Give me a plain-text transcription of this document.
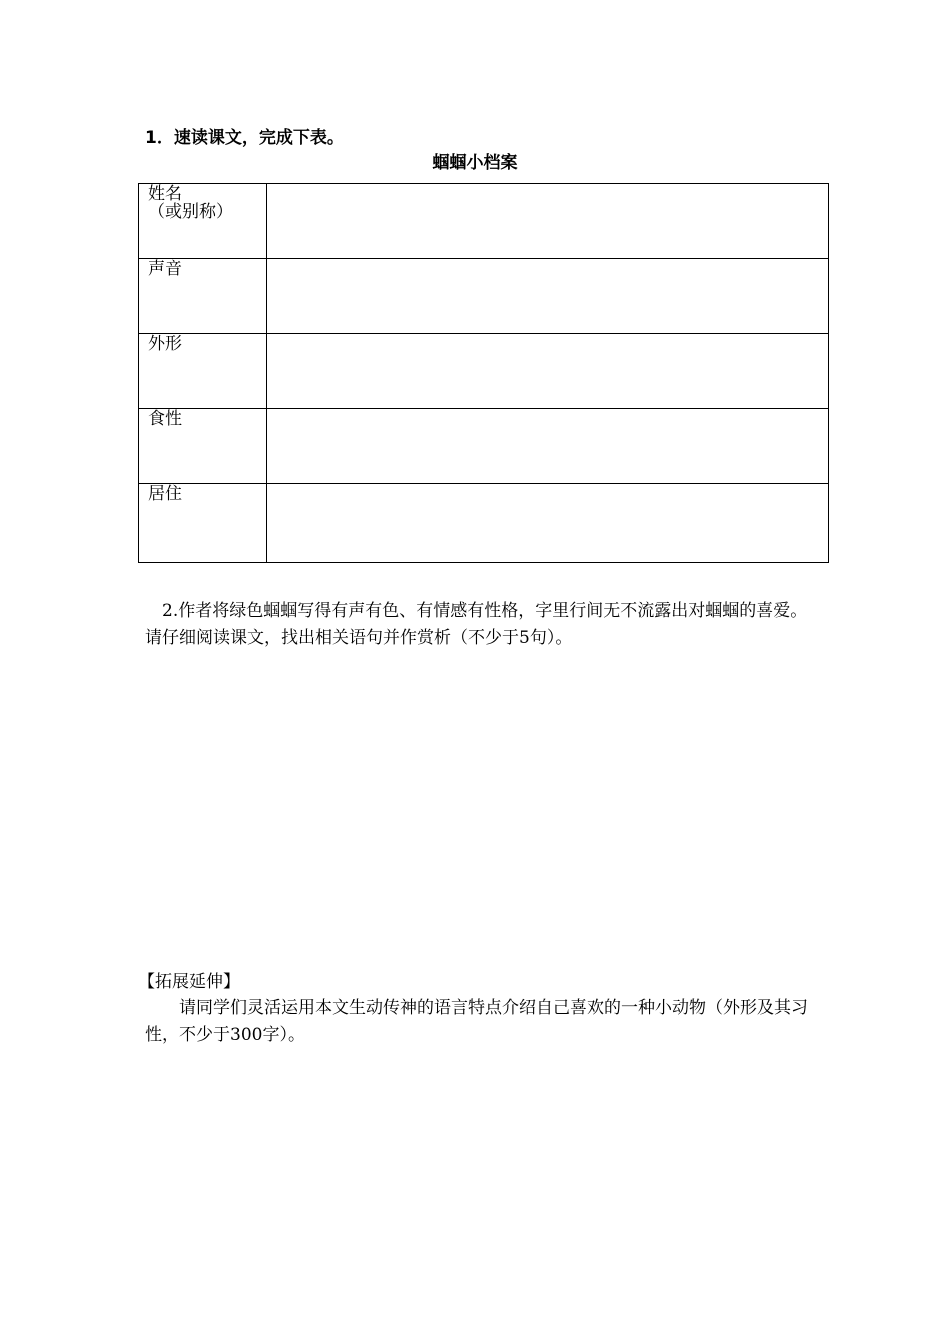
1．速读课文，完成下表。
蝈蝈小档案
姓名
（或别称）	

声音	

外形	

食性	

居住	

2.作者将绿色蝈蝈写得有声有色、有情感有性格，字里行间无不流露出对蝈蝈的喜爱。请仔细阅读课文，找出相关语句并作赏析（不少于5句）。
【拓展延伸】
请同学们灵活运用本文生动传神的语言特点介绍自己喜欢的一种小动物（外形及其习性，不少于300字）。
